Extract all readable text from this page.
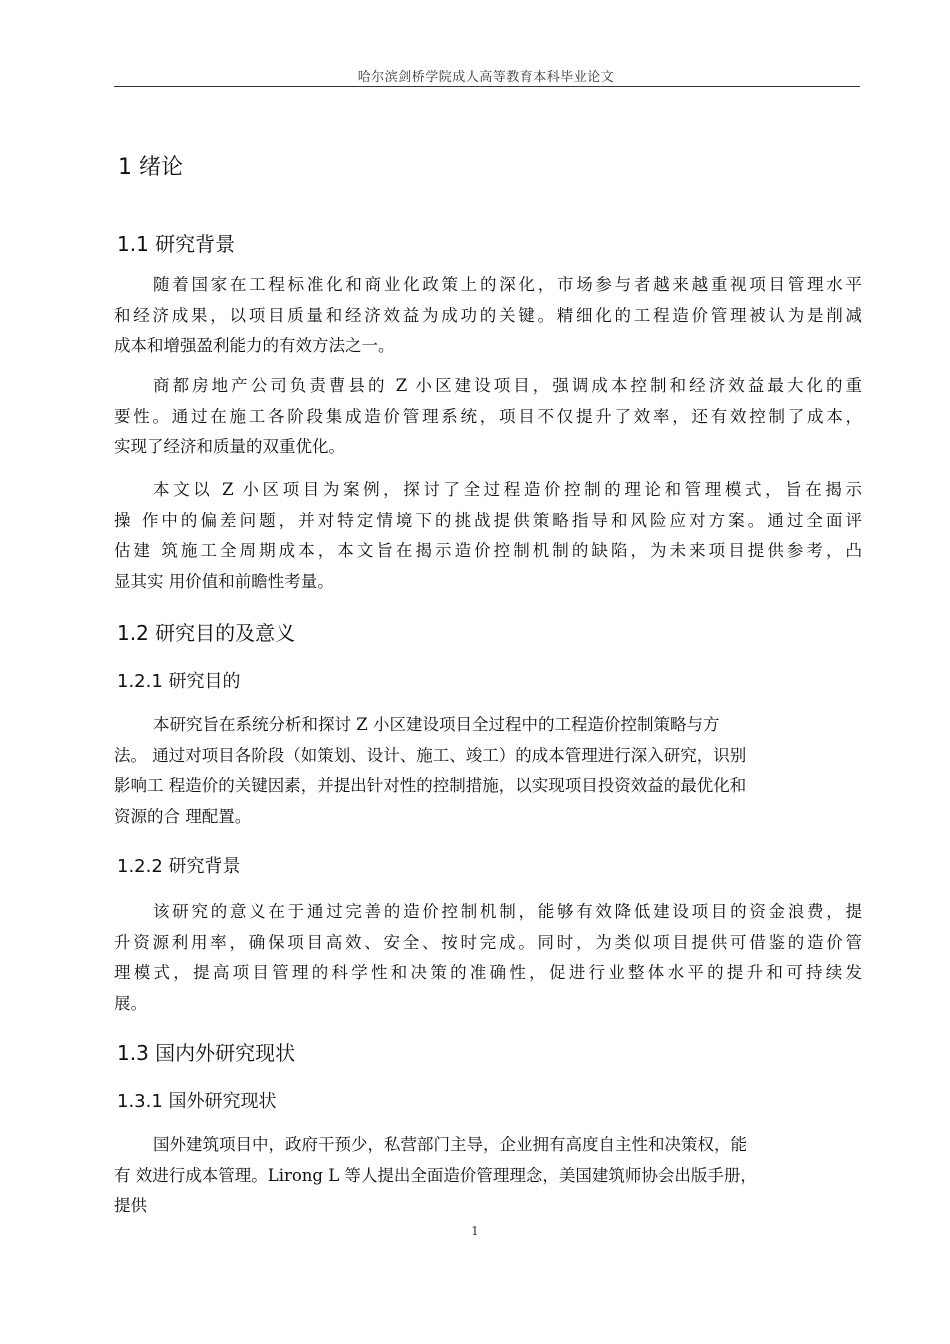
哈尔滨剑桥学院成人高等教育本科毕业论文
1 绪论
1.1 研究背景
随着国家在工程标准化和商业化政策上的深化，市场参与者越来越重视项目管理水平
和经济成果，以项目质量和经济效益为成功的关键。精细化的工程造价管理被认为是削减
成本和增强盈利能力的有效方法之一。
商都房地产公司负责曹县的 Z 小区建设项目，强调成本控制和经济效益最大化的重
要性。通过在施工各阶段集成造价管理系统，项目不仅提升了效率，还有效控制了成本，
实现了经济和质量的双重优化。
本文以 Z 小区项目为案例，探讨了全过程造价控制的理论和管理模式，旨在揭示
操 作中的偏差问题，并对特定情境下的挑战提供策略指导和风险应对方案。通过全面评
估建 筑施工全周期成本，本文旨在揭示造价控制机制的缺陷，为未来项目提供参考，凸
显其实 用价值和前瞻性考量。
1.2 研究目的及意义
1.2.1 研究目的
本研究旨在系统分析和探讨 Z 小区建设项目全过程中的工程造价控制策略与方
法。 通过对项目各阶段（如策划、设计、施工、竣工）的成本管理进行深入研究，识别
影响工 程造价的关键因素，并提出针对性的控制措施，以实现项目投资效益的最优化和
资源的合 理配置。
1.2.2 研究背景
该研究的意义在于通过完善的造价控制机制，能够有效降低建设项目的资金浪费，提
升资源利用率，确保项目高效、安全、按时完成。同时，为类似项目提供可借鉴的造价管
理模式，提高项目管理的科学性和决策的准确性，促进行业整体水平的提升和可持续发
展。
1.3 国内外研究现状
1.3.1 国外研究现状
国外建筑项目中，政府干预少，私营部门主导，企业拥有高度自主性和决策权，能
有 效进行成本管理。Lirong L 等人提出全面造价管理理念，美国建筑师协会出版手册，
提供
1
